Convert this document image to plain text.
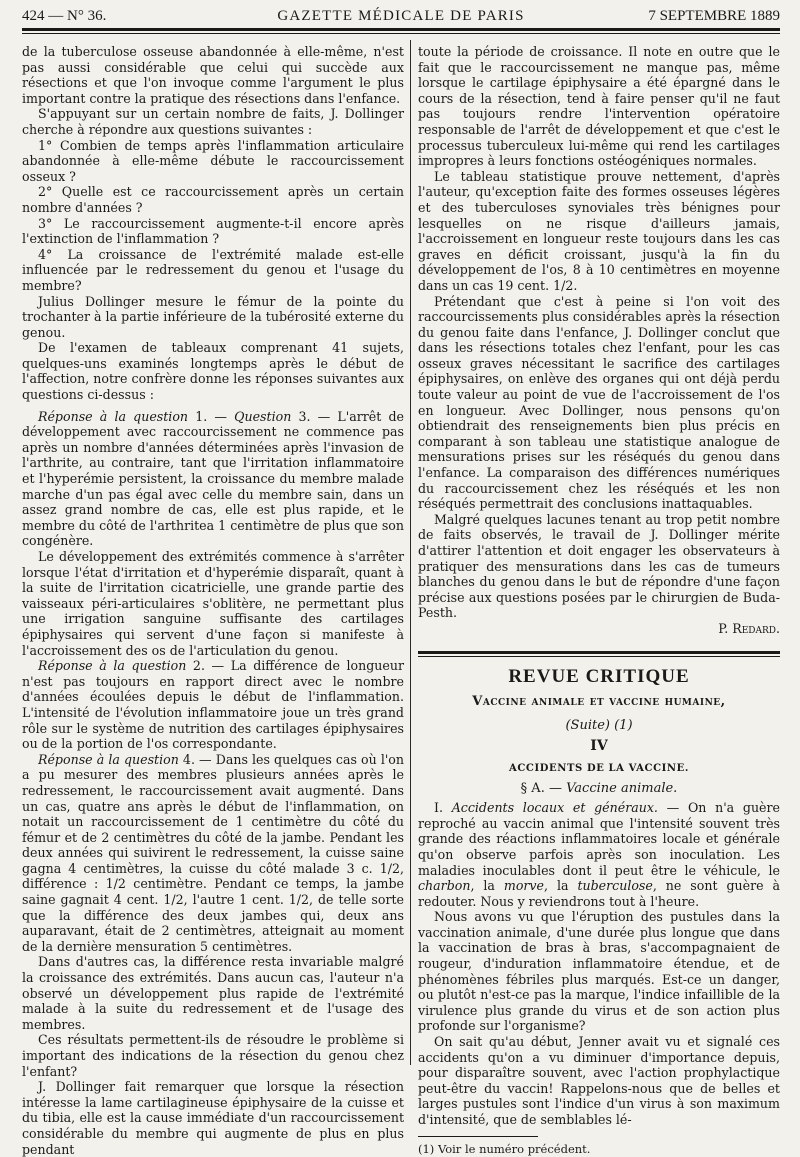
424 — N° 36.	GAZETTE MÉDICALE DE PARIS	7 SEPTEMBRE 1889

de la tuberculose osseuse abandonnée à elle-même, n'est pas aussi considérable que celui qui succède aux résections et que l'on invoque comme l'argument le plus important contre la pratique des résections dans l'enfance.

S'appuyant sur un certain nombre de faits, J. Dollinger cherche à répondre aux questions suivantes :

1° Combien de temps après l'inflammation articulaire abandonnée à elle-même débute le raccourcissement osseux ?

2° Quelle est ce raccourcissement après un certain nombre d'années ?

3° Le raccourcissement augmente-t-il encore après l'extinction de l'inflammation ?

4° La croissance de l'extrémité malade est-elle influencée par le redressement du genou et l'usage du membre?

Julius Dollinger mesure le fémur de la pointe du trochanter à la partie inférieure de la tubérosité externe du genou.

De l'examen de tableaux comprenant 41 sujets, quelques-uns examinés longtemps après le début de l'affection, notre confrère donne les réponses suivantes aux questions ci-dessus :

Réponse à la question 1. — Question 3. — L'arrêt de développement avec raccourcissement ne commence pas après un nombre d'années déterminées après l'invasion de l'arthrite, au contraire, tant que l'irritation inflammatoire et l'hyperémie persistent, la croissance du membre malade marche d'un pas égal avec celle du membre sain, dans un assez grand nombre de cas, elle est plus rapide, et le membre du côté de l'arthritea 1 centimètre de plus que son congénère.

Le développement des extrémités commence à s'arrêter lorsque l'état d'irritation et d'hyperémie disparaît, quant à la suite de l'irritation cicatricielle, une grande partie des vaisseaux péri-articulaires s'oblitère, ne permettant plus une irrigation sanguine suffisante des cartilages épiphysaires qui servent d'une façon si manifeste à l'accroissement des os de l'articulation du genou.

Réponse à la question 2. — La différence de longueur n'est pas toujours en rapport direct avec le nombre d'années écoulées depuis le début de l'inflammation. L'intensité de l'évolution inflammatoire joue un très grand rôle sur le système de nutrition des cartilages épiphysaires ou de la portion de l'os correspondante.

Réponse à la question 4. — Dans les quelques cas où l'on a pu mesurer des membres plusieurs années après le redressement, le raccourcissement avait augmenté. Dans un cas, quatre ans après le début de l'inflammation, on notait un raccourcissement de 1 centimètre du côté du fémur et de 2 centimètres du côté de la jambe. Pendant les deux années qui suivirent le redressement, la cuisse saine gagna 4 centimètres, la cuisse du côté malade 3 c. 1/2, différence : 1/2 centimètre. Pendant ce temps, la jambe saine gagnait 4 cent. 1/2, l'autre 1 cent. 1/2, de telle sorte que la différence des deux jambes qui, deux ans auparavant, était de 2 centimètres, atteignait au moment de la dernière mensuration 5 centimètres.

Dans d'autres cas, la différence resta invariable malgré la croissance des extrémités. Dans aucun cas, l'auteur n'a observé un développement plus rapide de l'extrémité malade à la suite du redressement et de l'usage des membres.

Ces résultats permettent-ils de résoudre le problème si important des indications de la résection du genou chez l'enfant?

J. Dollinger fait remarquer que lorsque la résection intéresse la lame cartilagineuse épiphysaire de la cuisse et du tibia, elle est la cause immédiate d'un raccourcissement considérable du membre qui augmente de plus en plus pendant

toute la période de croissance. Il note en outre que le fait que le raccourcissement ne manque pas, même lorsque le cartilage épiphysaire a été épargné dans le cours de la résection, tend à faire penser qu'il ne faut pas toujours rendre l'intervention opératoire responsable de l'arrêt de développement et que c'est le processus tuberculeux lui-même qui rend les cartilages impropres à leurs fonctions ostéogéniques normales.

Le tableau statistique prouve nettement, d'après l'auteur, qu'exception faite des formes osseuses légères et des tuberculoses synoviales très bénignes pour lesquelles on ne risque d'ailleurs jamais, l'accroissement en longueur reste toujours dans les cas graves en déficit croissant, jusqu'à la fin du développement de l'os, 8 à 10 centimètres en moyenne dans un cas 19 cent. 1/2.

Prétendant que c'est à peine si l'on voit des raccourcissements plus considérables après la résection du genou faite dans l'enfance, J. Dollinger conclut que dans les résections totales chez l'enfant, pour les cas osseux graves nécessitant le sacrifice des cartilages épiphysaires, on enlève des organes qui ont déjà perdu toute valeur au point de vue de l'accroissement de l'os en longueur. Avec Dollinger, nous pensons qu'on obtiendrait des renseignements bien plus précis en comparant à son tableau une statistique analogue de mensurations prises sur les réséqués du genou dans l'enfance. La comparaison des différences numériques du raccourcissement chez les réséqués et les non réséqués permettrait des conclusions inattaquables.

Malgré quelques lacunes tenant au trop petit nombre de faits observés, le travail de J. Dollinger mérite d'attirer l'attention et doit engager les observateurs à pratiquer des mensurations dans les cas de tumeurs blanches du genou dans le but de répondre d'une façon précise aux questions posées par le chirurgien de Buda-Pesth.

P. Redard.
REVUE CRITIQUE
Vaccine animale et vaccine humaine,
(Suite) (1)
IV
ACCIDENTS DE LA VACCINE.
§ A. — Vaccine animale.

I. Accidents locaux et généraux. — On n'a guère reproché au vaccin animal que l'intensité souvent très grande des réactions inflammatoires locale et générale qu'on observe parfois après son inoculation. Les maladies inoculables dont il peut être le véhicule, le charbon, la morve, la tuberculose, ne sont guère à redouter. Nous y reviendrons tout à l'heure.

Nous avons vu que l'éruption des pustules dans la vaccination animale, d'une durée plus longue que dans la vaccination de bras à bras, s'accompagnaient de rougeur, d'induration inflammatoire étendue, et de phénomènes fébriles plus marqués. Est-ce un danger, ou plutôt n'est-ce pas la marque, l'indice infaillible de la virulence plus grande du virus et de son action plus profonde sur l'organisme?

On sait qu'au début, Jenner avait vu et signalé ces accidents qu'on a vu diminuer d'importance depuis, pour disparaître souvent, avec l'action prophylactique peut-être du vaccin! Rappelons-nous que de belles et larges pustules sont l'indice d'un virus à son maximum d'intensité, que de semblables lé-

(1) Voir le numéro précédent.
